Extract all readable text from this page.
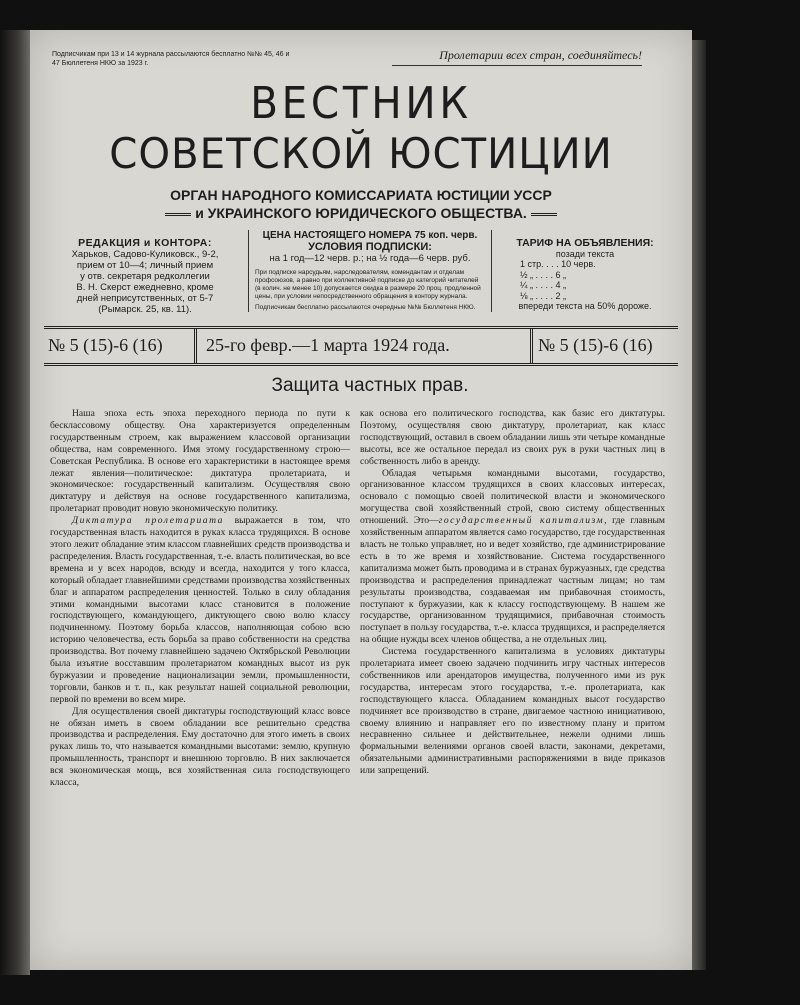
Подписчикам при 13 и 14 журнала рассылаются бесплатно №№ 45, 46 и 47 Бюллетеня НКЮ за 1923 г.
Пролетарии всех стран, соединяйтесь!
ВЕСТНИК
СОВЕТСКОЙ ЮСТИЦИИ
ОРГАН НАРОДНОГО КОМИССАРИАТА ЮСТИЦИИ УССР
и УКРАИНСКОГО ЮРИДИЧЕСКОГО ОБЩЕСТВА.
РЕДАКЦИЯ и КОНТОРА:
Харьков, Садово-Куликовск., 9-2,
прием от 10—4; личный прием
у отв. секретаря редколлегии
В. Н. Скерст ежедневно, кроме
дней неприсутственных, от 5-7
(Рымарск. 25, кв. 11).
ЦЕНА НАСТОЯЩЕГО НОМЕРА 75 коп. черв.
УСЛОВИЯ ПОДПИСКИ:
на 1 год—12 черв. р.; на ½ года—6 черв. руб.
При подписке нарсудьям, нарследователям, комендантам и отделам профсоюзов, а равно при коллективной подписке до категорий читателей (в колич. не менее 10) допускается скидка в размере 20 проц. продленной цены, при условии непосредственного обращения в контору журнала.
Подписчикам бесплатно рассылаются очередные №№ Бюллетеня НКЮ.
ТАРИФ НА ОБЪЯВЛЕНИЯ:
позади текста
1 стр. . . . 10 черв.
½ „ . . . . 6 „
¼ „ . . . . 4 „
⅛ „ . . . . 2 „
впереди текста на 50% дороже.
№ 5 (15)-6 (16) 25-го февр.—1 марта 1924 года.	№ 5 (15)-6 (16)
Защита частных прав.

Наша эпоха есть эпоха переходного периода по пути к бесклассовому обществу. Она характеризуется определенным государственным строем, как выражением классовой организации общества, нам современного. Имя этому государственному строю—Советская Республика. В основе его характеристики в настоящее время лежат явления—политическое: диктатура пролетариата, и экономическое: государственный капитализм. Осуществляя свою диктатуру и действуя на основе государственного капитализма, пролетариат проводит новую экономическую политику.

Диктатура пролетариата выражается в том, что государственная власть находится в руках класса трудящихся. В основе этого лежит обладание этим классом главнейших средств производства и распределения. Власть государственная, т.-е. власть политическая, во все времена и у всех народов, всюду и всегда, находится у того класса, который обладает главнейшими средствами производства хозяйственных благ и аппаратом распределения ценностей. Только в силу обладания этими командными высотами класс становится в положение господствующего, командующего, диктующего свою волю классу подчиненному. Поэтому борьба классов, наполняющая собою всю историю человечества, есть борьба за право собственности на средства производства. Вот почему главнейшею задачею Октябрьской Революции была изъятие восставшим пролетариатом командных высот из рук буржуазии и проведение национализации земли, промышленности, торговли, банков и т. п., как результат нашей социальной революции, первой по времени во всем мире.

Для осуществления своей диктатуры господствующий класс вовсе не обязан иметь в своем обладании все решительно средства производства и распределения. Ему достаточно для этого иметь в своих руках лишь то, что называется командными высотами: землю, крупную промышленность, транспорт и внешнюю торговлю. В них заключается вся экономическая мощь, вся хозяйственная сила господствующего класса,

как основа его политического господства, как базис его диктатуры. Поэтому, осуществляя свою диктатуру, пролетариат, как класс господствующий, оставил в своем обладании лишь эти четыре командные высоты, все же остальное передал из своих рук в руки частных лиц в собственность либо в аренду.

Обладая четырьмя командными высотами, государство, организованное классом трудящихся в своих классовых интересах, основало с помощью своей политической власти и экономического могущества свой хозяйственный строй, свою систему общественных отношений. Это—государственный капитализм, где главным хозяйственным аппаратом является само государство, где государственная власть не только управляет, но и ведет хозяйство, где администрирование есть в то же время и хозяйствование. Система государственного капитализма может быть проводима и в странах буржуазных, где средства производства и распределения принадлежат частным лицам; но там результаты производства, создаваемая им прибавочная стоимость, поступают к буржуазии, как к классу господствующему. В нашем же государстве, организованном трудящимися, прибавочная стоимость поступает в пользу государства, т.-е. класса трудящихся, и распределяется на общие нужды всех членов общества, а не отдельных лиц.

Система государственного капитализма в условиях диктатуры пролетариата имеет своею задачею подчинить игру частных интересов собственников или арендаторов имущества, полученного ими из рук государства, интересам этого государства, т.-е. пролетариата, как господствующего класса. Обладанием командных высот государство подчиняет все производство в стране, двигаемое частною инициативою, своему влиянию и направляет его по известному плану и притом несравненно сильнее и действительнее, нежели одними лишь формальными велениями органов своей власти, законами, декретами, обязательными административными распоряжениями в виде приказов или запрещений.
